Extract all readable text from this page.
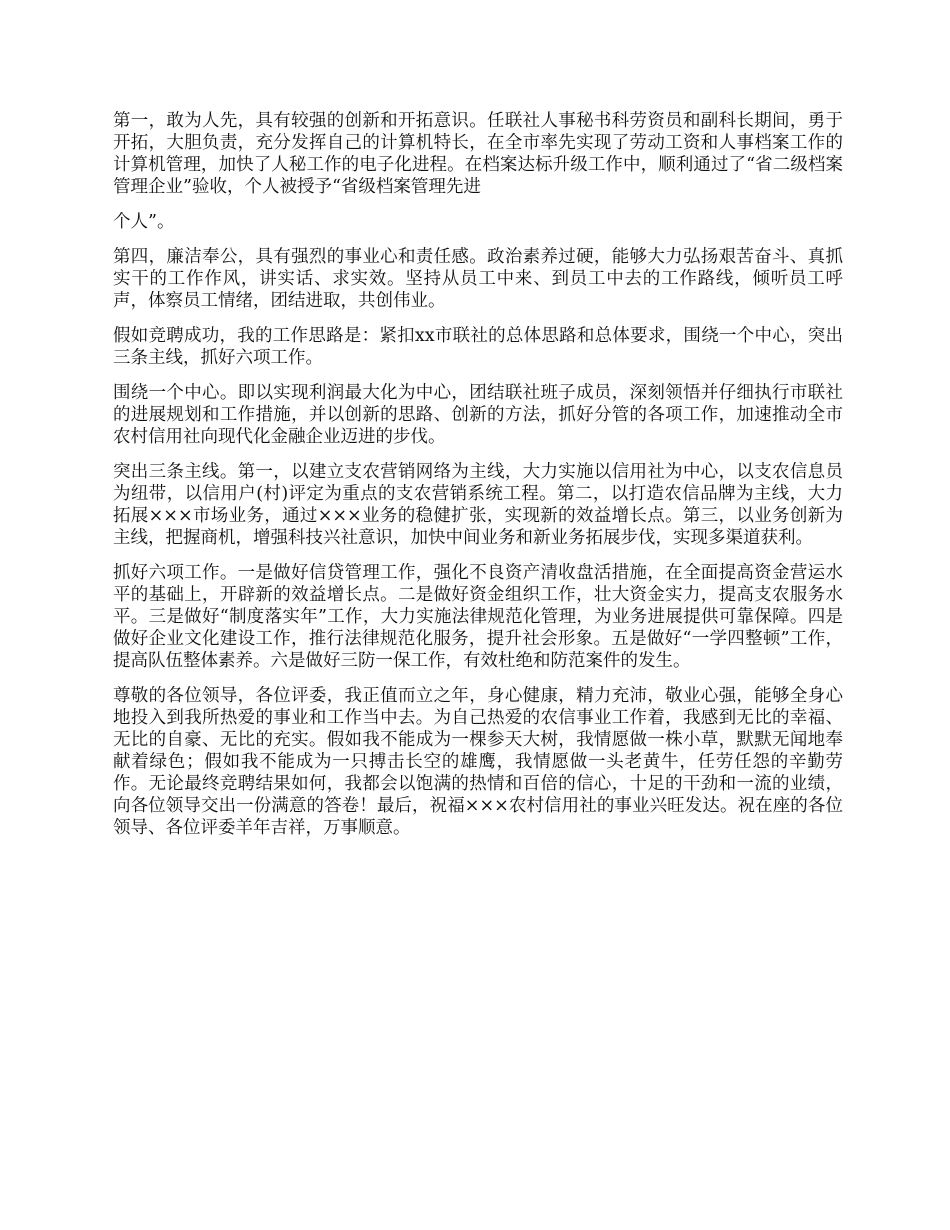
第一，敢为人先，具有较强的创新和开拓意识。任联社人事秘书科劳资员和副科长期间，勇于开拓，大胆负责，充分发挥自己的计算机特长，在全市率先实现了劳动工资和人事档案工作的计算机管理，加快了人秘工作的电子化进程。在档案达标升级工作中，顺利通过了“省二级档案管理企业”验收，个人被授予“省级档案管理先进

个人”。

第四，廉洁奉公，具有强烈的事业心和责任感。政治素养过硬，能够大力弘扬艰苦奋斗、真抓实干的工作作风，讲实话、求实效。坚持从员工中来、到员工中去的工作路线，倾听员工呼声，体察员工情绪，团结进取，共创伟业。

假如竞聘成功，我的工作思路是：紧扣xx市联社的总体思路和总体要求，围绕一个中心，突出三条主线，抓好六项工作。

围绕一个中心。即以实现利润最大化为中心，团结联社班子成员，深刻领悟并仔细执行市联社的进展规划和工作措施，并以创新的思路、创新的方法，抓好分管的各项工作，加速推动全市农村信用社向现代化金融企业迈进的步伐。

突出三条主线。第一，以建立支农营销网络为主线，大力实施以信用社为中心，以支农信息员为纽带，以信用户(村)评定为重点的支农营销系统工程。第二，以打造农信品牌为主线，大力拓展×××市场业务，通过×××业务的稳健扩张，实现新的效益增长点。第三，以业务创新为主线，把握商机，增强科技兴社意识，加快中间业务和新业务拓展步伐，实现多渠道获利。

抓好六项工作。一是做好信贷管理工作，强化不良资产清收盘活措施，在全面提高资金营运水平的基础上，开辟新的效益增长点。二是做好资金组织工作，壮大资金实力，提高支农服务水平。三是做好“制度落实年”工作，大力实施法律规范化管理，为业务进展提供可靠保障。四是做好企业文化建设工作，推行法律规范化服务，提升社会形象。五是做好“一学四整顿”工作，提高队伍整体素养。六是做好三防一保工作，有效杜绝和防范案件的发生。

尊敬的各位领导，各位评委，我正值而立之年，身心健康，精力充沛，敬业心强，能够全身心地投入到我所热爱的事业和工作当中去。为自己热爱的农信事业工作着，我感到无比的幸福、无比的自豪、无比的充实。假如我不能成为一棵参天大树，我情愿做一株小草，默默无闻地奉献着绿色；假如我不能成为一只搏击长空的雄鹰，我情愿做一头老黄牛，任劳任怨的辛勤劳作。无论最终竞聘结果如何，我都会以饱满的热情和百倍的信心，十足的干劲和一流的业绩，向各位领导交出一份满意的答卷！最后，祝福×××农村信用社的事业兴旺发达。祝在座的各位领导、各位评委羊年吉祥，万事顺意。
